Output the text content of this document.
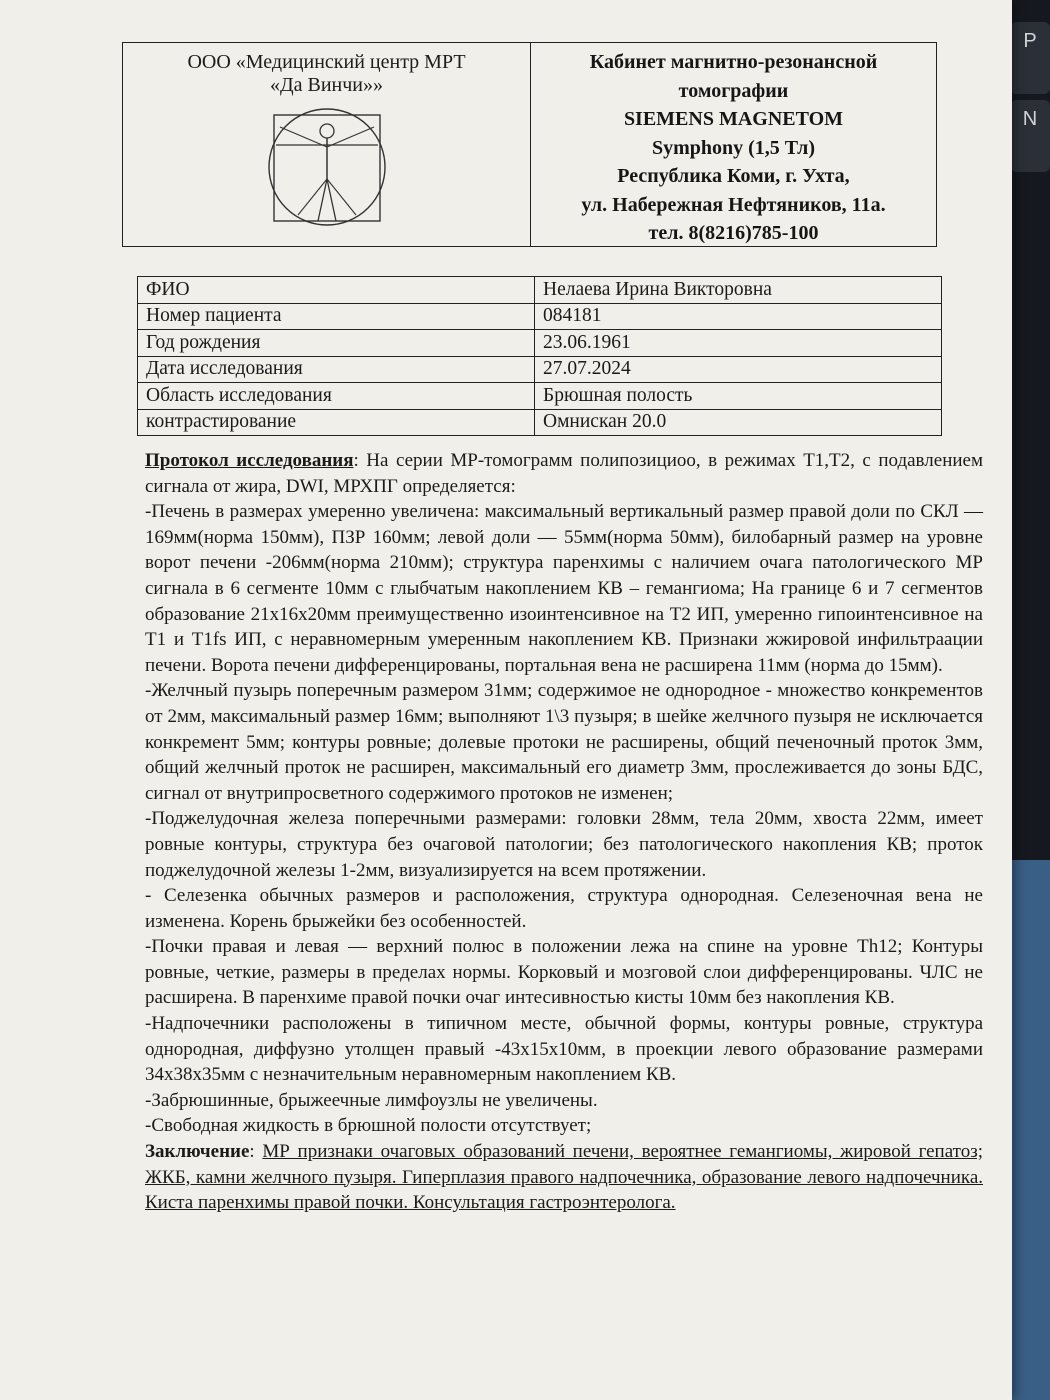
P
N
ООО «Медицинский центр МРТ
«Да Винчи»»
Кабинет магнитно-резонансной
томографии
SIEMENS MAGNETOM
Symphony (1,5 Тл)
Республика Коми, г. Ухта,
ул. Набережная Нефтяников, 11а.
тел. 8(8216)785-100
ФИО	Нелаева Ирина Викторовна
Номер пациента	084181
Год рождения	23.06.1961
Дата исследования	27.07.2024
Область исследования	Брюшная полость
контрастирование	Омнискан 20.0

Протокол исследования: На серии МР-томограмм полипозициоо, в режимах Т1,Т2, с подавлением сигнала от жира, DWI, МРХПГ определяется:

-Печень в размерах умеренно увеличена: максимальный вертикальный размер правой доли по СКЛ — 169мм(норма 150мм), ПЗР 160мм; левой доли — 55мм(норма 50мм), билобарный размер на уровне ворот печени -206мм(норма 210мм); структура паренхимы с наличием очага патологического МР сигнала в 6 сегменте 10мм с глыбчатым накоплением КВ – гемангиома; На границе 6 и 7 сегментов образование 21х16х20мм преимущественно изоинтенсивное на Т2 ИП, умеренно гипоинтенсивное на Т1 и Т1fs ИП, с неравномерным умеренным накоплением КВ. Признаки жжировой инфильтраации печени. Ворота печени дифференцированы, портальная вена не расширена 11мм (норма до 15мм).

-Желчный пузырь поперечным размером 31мм; содержимое не однородное - множество конкрементов от 2мм, максимальный размер 16мм; выполняют 1\3 пузыря; в шейке желчного пузыря не исключается конкремент 5мм; контуры ровные; долевые протоки не расширены, общий печеночный проток 3мм, общий желчный проток не расширен, максимальный его диаметр 3мм, прослеживается до зоны БДС, сигнал от внутрипросветного содержимого протоков не изменен;

-Поджелудочная железа поперечными размерами: головки 28мм, тела 20мм, хвоста 22мм, имеет ровные контуры, структура без очаговой патологии; без патологического накопления КВ; проток поджелудочной железы 1-2мм, визуализируется на всем протяжении.

- Селезенка обычных размеров и расположения, структура однородная. Селезеночная вена не изменена. Корень брыжейки без особенностей.

-Почки правая и левая — верхний полюс в положении лежа на спине на уровне Th12; Контуры ровные, четкие, размеры в пределах нормы. Корковый и мозговой слои дифференцированы. ЧЛС не расширена. В паренхиме правой почки очаг интесивностью кисты 10мм без накопления КВ.

-Надпочечники расположены в типичном месте, обычной формы, контуры ровные, структура однородная, диффузно утолщен правый -43х15х10мм, в проекции левого образование размерами 34х38х35мм с незначительным неравномерным накоплением КВ.

-Забрюшинные, брыжеечные лимфоузлы не увеличены.

-Свободная жидкость в брюшной полости отсутствует;

Заключение: МР признаки очаговых образований печени, вероятнее гемангиомы, жировой гепатоз; ЖКБ, камни желчного пузыря. Гиперплазия правого надпочечника, образование левого надпочечника. Киста паренхимы правой почки. Консультация гастроэнтеролога.
